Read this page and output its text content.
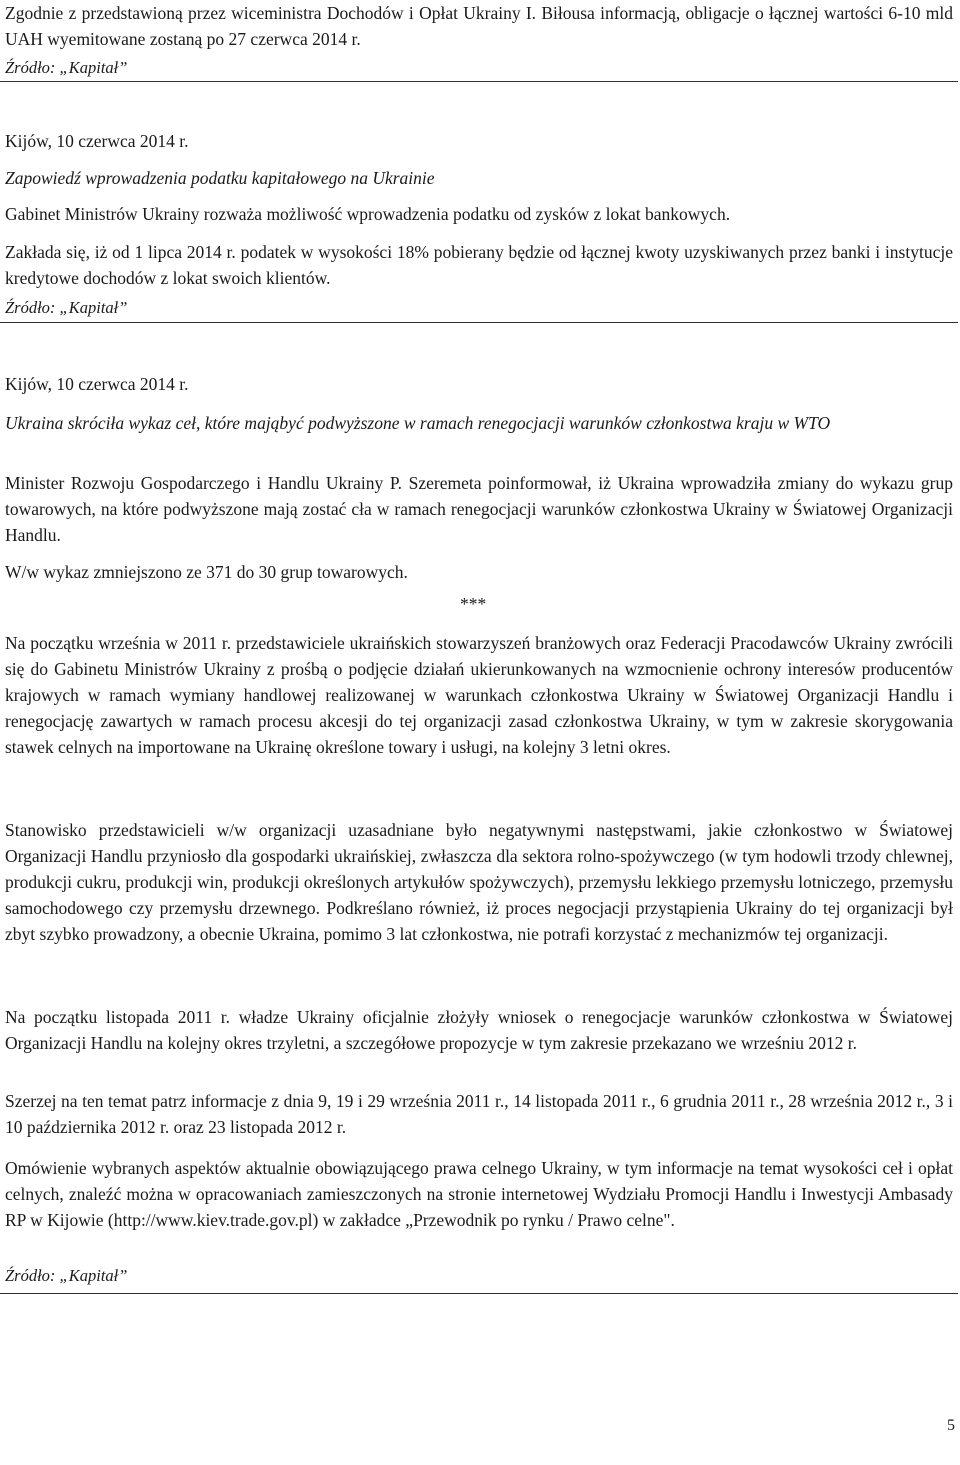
Zgodnie z przedstawioną przez wiceministra Dochodów i Opłat Ukrainy I. Biłousa informacją, obligacje o łącznej wartości 6-10 mld UAH wyemitowane zostaną po 27 czerwca 2014 r.
Źródło: „Kapitał”
Kijów, 10 czerwca 2014 r.
Zapowiedź wprowadzenia podatku kapitałowego na Ukrainie
Gabinet Ministrów Ukrainy rozważa możliwość wprowadzenia podatku od zysków z lokat bankowych.
Zakłada się, iż od 1 lipca 2014 r. podatek w wysokości 18% pobierany będzie od łącznej kwoty uzyskiwanych przez banki i instytucje kredytowe dochodów z lokat swoich klientów.
Źródło: „Kapitał”
Kijów, 10 czerwca 2014 r.
Ukraina skróciła wykaz ceł, które mająbyć podwyższone w ramach renegocjacji warunków członkostwa kraju w WTO
Minister Rozwoju Gospodarczego i Handlu Ukrainy P. Szeremeta poinformował, iż Ukraina wprowadziła zmiany do wykazu grup towarowych, na które podwyższone mają zostać cła w ramach renegocjacji warunków członkostwa Ukrainy w Światowej Organizacji Handlu.
W/w wykaz zmniejszono ze 371 do 30 grup towarowych.
***
Na początku września w 2011 r. przedstawiciele ukraińskich stowarzyszeń branżowych oraz Federacji Pracodawców Ukrainy zwrócili się do Gabinetu Ministrów Ukrainy z prośbą o podjęcie działań ukierunkowanych na wzmocnienie ochrony interesów producentów krajowych w ramach wymiany handlowej realizowanej w warunkach członkostwa Ukrainy w Światowej Organizacji Handlu i renegocjację zawartych w ramach procesu akcesji do tej organizacji zasad członkostwa Ukrainy, w tym w zakresie skorygowania stawek celnych na importowane na Ukrainę określone towary i usługi, na kolejny 3 letni okres.
Stanowisko przedstawicieli w/w organizacji uzasadniane było negatywnymi następstwami, jakie członkostwo w Światowej Organizacji Handlu przyniosło dla gospodarki ukraińskiej, zwłaszcza dla sektora rolno-spożywczego (w tym hodowli trzody chlewnej, produkcji cukru, produkcji win, produkcji określonych artykułów spożywczych), przemysłu lekkiego przemysłu lotniczego, przemysłu samochodowego czy przemysłu drzewnego. Podkreślano również, iż proces negocjacji przystąpienia Ukrainy do tej organizacji był zbyt szybko prowadzony, a obecnie Ukraina, pomimo 3 lat członkostwa, nie potrafi korzystać z mechanizmów tej organizacji.
Na początku listopada 2011 r. władze Ukrainy oficjalnie złożyły wniosek o renegocjacje warunków członkostwa w Światowej Organizacji Handlu na kolejny okres trzyletni, a szczegółowe propozycje w tym zakresie przekazano we wrześniu 2012 r.
Szerzej na ten temat patrz informacje z dnia 9, 19 i 29 września 2011 r., 14 listopada 2011 r., 6 grudnia 2011 r., 28 września 2012 r., 3 i 10 października 2012 r. oraz 23 listopada 2012 r.
Omówienie wybranych aspektów aktualnie obowiązującego prawa celnego Ukrainy, w tym informacje na temat wysokości ceł i opłat celnych, znaleźć można w opracowaniach zamieszczonych na stronie internetowej Wydziału Promocji Handlu i Inwestycji Ambasady RP w Kijowie (http://www.kiev.trade.gov.pl) w zakładce „Przewodnik po rynku / Prawo celne".
Źródło: „Kapitał”
5
